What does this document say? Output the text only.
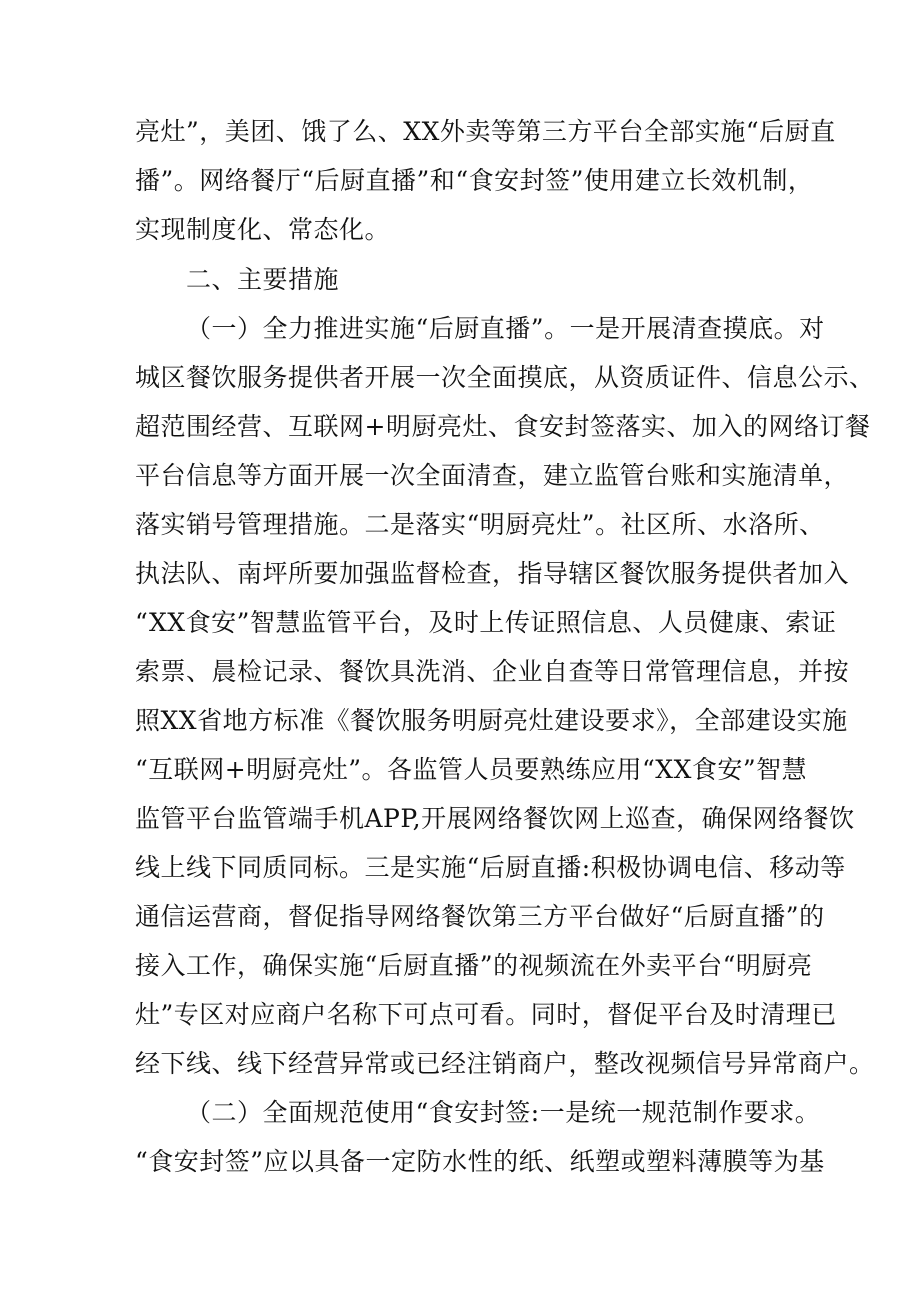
亮灶”，美团、饿了么、XX外卖等第三方平台全部实施“后厨直
播”。网络餐厅“后厨直播”和“食安封签”使用建立长效机制，
实现制度化、常态化。
二、主要措施
（一）全力推进实施“后厨直播”。一是开展清查摸底。对
城区餐饮服务提供者开展一次全面摸底，从资质证件、信息公示、
超范围经营、互联网+明厨亮灶、食安封签落实、加入的网络订餐
平台信息等方面开展一次全面清查，建立监管台账和实施清单，
落实销号管理措施。二是落实“明厨亮灶”。社区所、水洛所、
执法队、南坪所要加强监督检查，指导辖区餐饮服务提供者加入
“XX食安”智慧监管平台，及时上传证照信息、人员健康、索证
索票、晨检记录、餐饮具洗消、企业自查等日常管理信息，并按
照XX省地方标准《餐饮服务明厨亮灶建设要求》，全部建设实施
“互联网+明厨亮灶”。各监管人员要熟练应用“XX食安”智慧
监管平台监管端手机APP,开展网络餐饮网上巡查，确保网络餐饮
线上线下同质同标。三是实施“后厨直播:积极协调电信、移动等
通信运营商，督促指导网络餐饮第三方平台做好“后厨直播”的
接入工作，确保实施“后厨直播”的视频流在外卖平台“明厨亮
灶”专区对应商户名称下可点可看。同时，督促平台及时清理已
经下线、线下经营异常或已经注销商户，整改视频信号异常商户。
（二）全面规范使用“食安封签:一是统一规范制作要求。
“食安封签”应以具备一定防水性的纸、纸塑或塑料薄膜等为基
